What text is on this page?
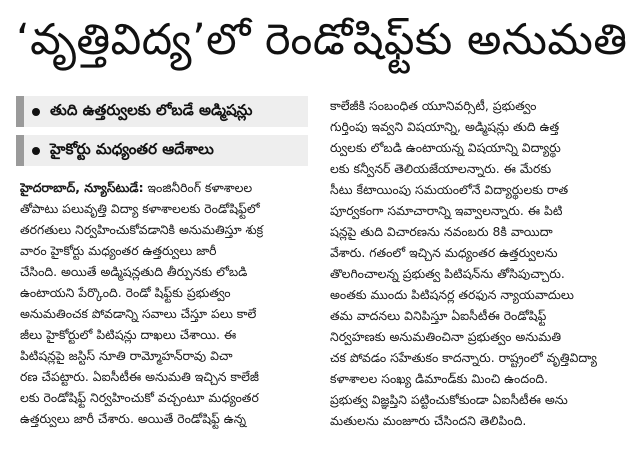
‘వృత్తివిద్య’లో రెండోషిఫ్ట్‌కు అనుమతి
తుది ఉత్తర్వులకు లోబడే అడ్మిషన్లు
హైకోర్టు మధ్యంతర ఆదేశాలు
హైదరాబాద్, న్యూస్‌టుడే: ఇంజినీరింగ్ కళాశాలల
తోపాటు పలువృత్తి విద్యా కళాశాలలకు రెండోషిఫ్ట్‌లో
తరగతులు నిర్వహించుకోవడానికి అనుమతిస్తూ శుక్ర
వారం హైకోర్టు మధ్యంతర ఉత్తర్వులు జారీ
చేసింది. అయితే అడ్మిషన్లతుది తీర్పునకు లోబడి
ఉంటాయని పేర్కొంది. రెండో షిఫ్ట్‌కు ప్రభుత్వం
అనుమతించక పోవడాన్ని సవాలు చేస్తూ పలు కాలే
జీలు హైకోర్టులో పిటిషన్లు దాఖలు చేశాయి. ఈ
పిటిషన్లపై జస్టిస్ నూతి రామ్మోహన్‌రావు విచా
రణ చేపట్టారు. ఏఐసీటీఈ అనుమతి ఇచ్చిన కాలేజీ
లకు రెండోషిఫ్ట్ నిర్వహించుకో వచ్చంటూ మధ్యంతర
ఉత్తర్వులు జారీ చేశారు. అయితే రెండోషిఫ్ట్ ఉన్న
కాలేజీకి సంబంధిత యూనివర్సిటీ, ప్రభుత్వం
గుర్తింపు ఇవ్వని విషయాన్ని, అడ్మిషన్లు తుది ఉత్త
ర్వులకు లోబడి ఉంటాయన్న విషయాన్ని విద్యార్థు
లకు కన్వీనర్ తెలియజేయాలన్నారు. ఈ మేరకు
సీటు కేటాయింపు సమయంలోనే విద్యార్థులకు రాత
పూర్వకంగా సమాచారాన్ని ఇవ్వాలన్నారు. ఈ పిటి
షన్లపై తుది విచారణను నవంబరు 8కి వాయిదా
వేశారు. గతంలో ఇచ్చిన మధ్యంతర ఉత్తర్వులను
తొలగించాలన్న ప్రభుత్వ పిటిషన్‌ను తోసిపుచ్చారు.
అంతకు ముందు పిటిషనర్ల తరఫున న్యాయవాదులు
తమ వాదనలు వినిపిస్తూ ఏఐసీటీఈ రెండోషిఫ్ట్
నిర్వహణకు అనుమతించినా ప్రభుత్వం అనుమతి
చక పోవడం సహేతుకం కాదన్నారు. రాష్ట్రంలో వృత్తివిద్యా
కళాశాలల సంఖ్య డిమాండ్‌కు మించి ఉందంది.
ప్రభుత్వ విజ్ఞప్తిని పట్టించుకోకుండా ఏఐసీటీఈ అను
మతులను మంజూరు చేసిందని తెలిపింది.
